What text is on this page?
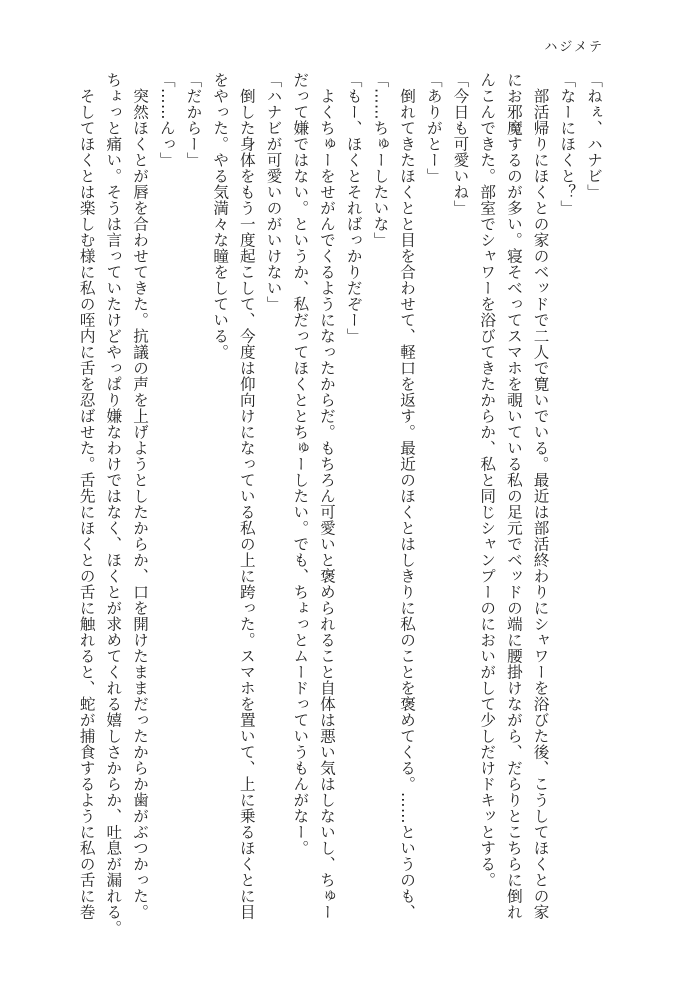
ハジメテ

「ねぇ、ハナビ」

「なーにほくと？」

　部活帰りにほくとの家のベッドで二人で寛いでいる。最近は部活終わりにシャワーを浴びた後、こうしてほくとの家

にお邪魔するのが多い。寝そべってスマホを覗いている私の足元でベッドの端に腰掛けながら、だらりとこちらに倒れ

んこんできた。部室でシャワーを浴びてきたからか、私と同じシャンプーのにおいがして少しだけドキッとする。

「今日も可愛いね」

「ありがとー」

　倒れてきたほくとと目を合わせて、軽口を返す。最近のほくとはしきりに私のことを褒めてくる。……というのも、

「……ちゅーしたいな」

「もー、ほくとそればっかりだぞー」

　よくちゅーをせがんでくるようになったからだ。もちろん可愛いと褒められること自体は悪い気はしないし、ちゅー

だって嫌ではない。というか、私だってほくととちゅーしたい。でも、ちょっとムードっていうもんがなー。

「ハナビが可愛いのがいけない」

　倒した身体をもう一度起こして、今度は仰向けになっている私の上に跨った。スマホを置いて、上に乗るほくとに目

をやった。やる気満々な瞳をしている。

「だからー」

「……んっ」

　突然ほくとが唇を合わせてきた。抗議の声を上げようとしたからか、口を開けたままだったからか歯がぶつかった。

ちょっと痛い。そうは言っていたけどやっぱり嫌なわけではなく、ほくとが求めてくれる嬉しさからか、吐息が漏れる。

　そしてほくとは楽しむ様に私の咥内に舌を忍ばせた。舌先にほくとの舌に触れると、蛇が捕食するように私の舌に巻
